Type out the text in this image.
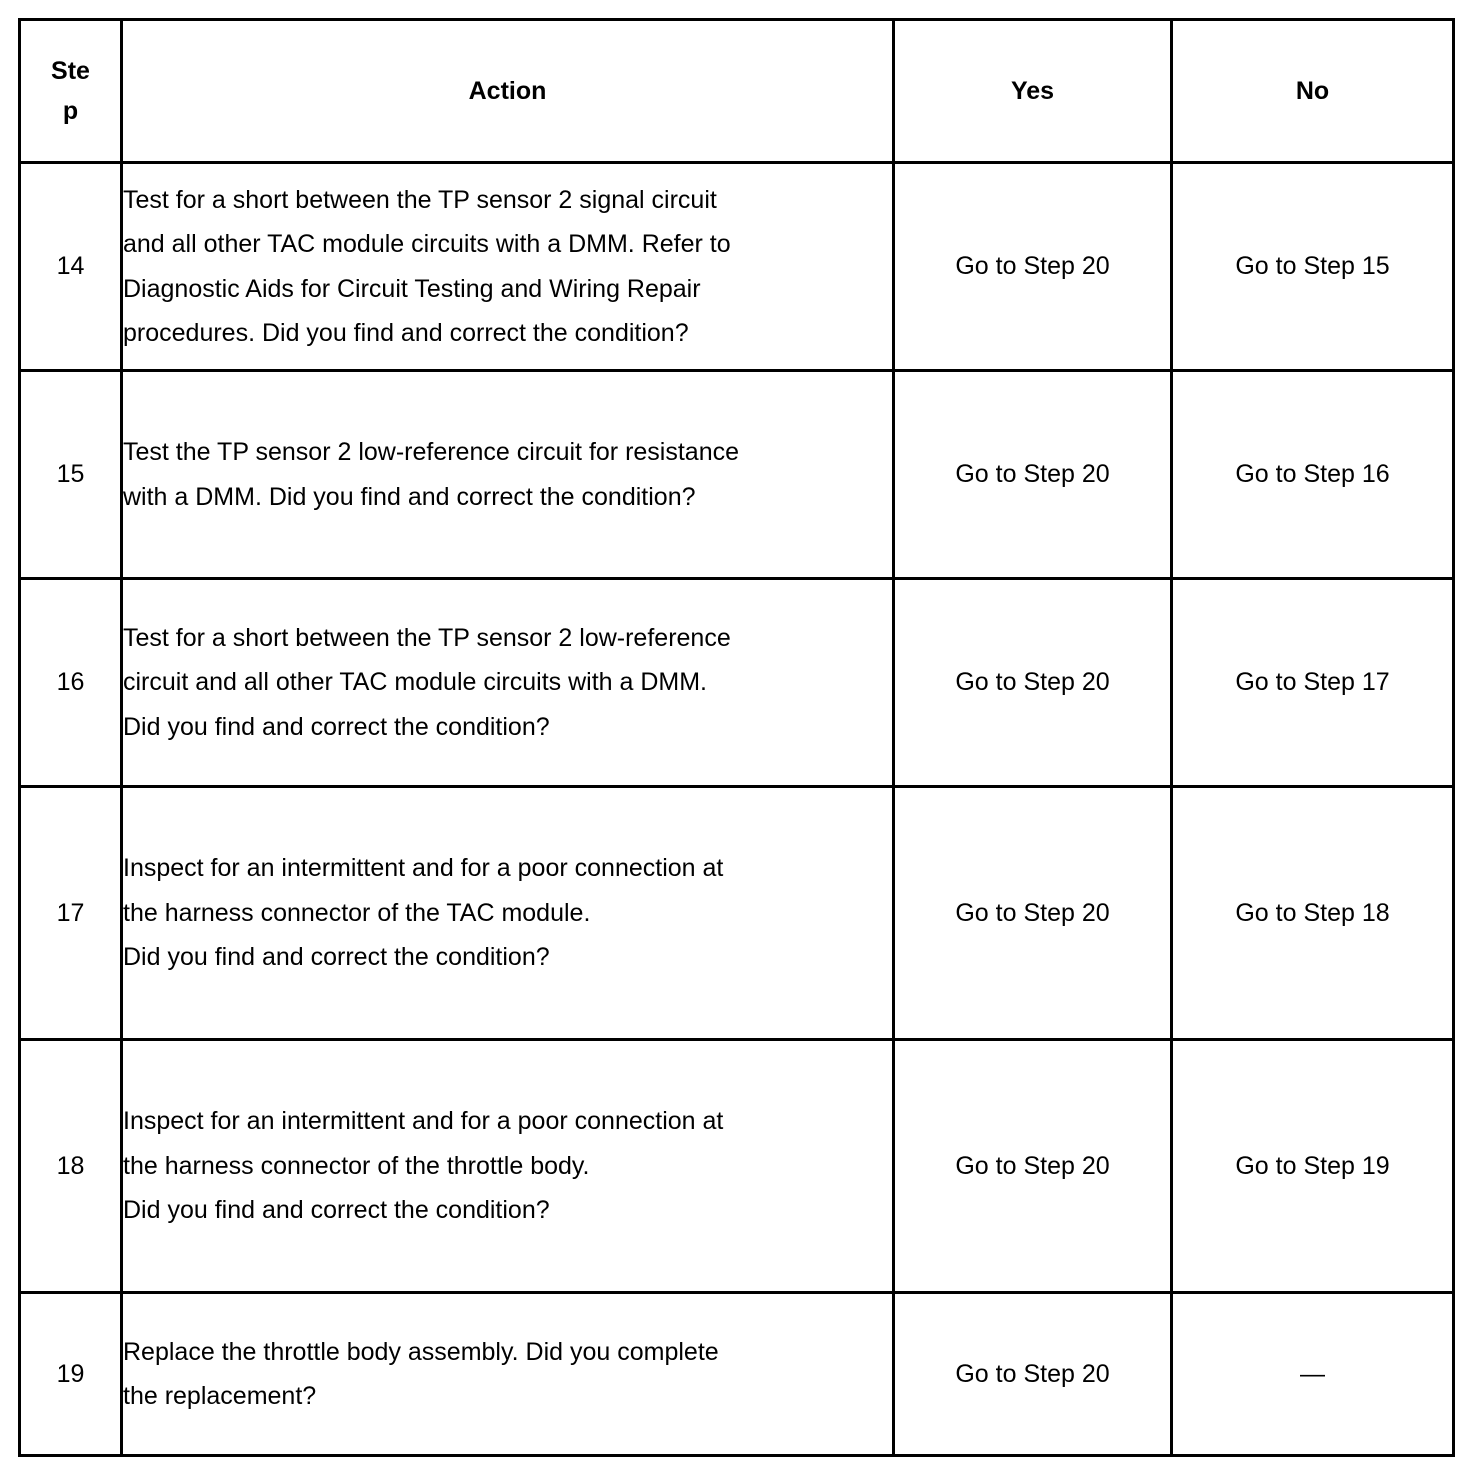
Step	Action	Yes	No
14	Test for a short between the TP sensor 2 signal circuit
and all other TAC module circuits with a DMM. Refer to
Diagnostic Aids for Circuit Testing and Wiring Repair
procedures. Did you find and correct the condition?	Go to Step 20	Go to Step 15
15	Test the TP sensor 2 low-reference circuit for resistance
with a DMM. Did you find and correct the condition?	Go to Step 20	Go to Step 16
16	Test for a short between the TP sensor 2 low-reference
circuit and all other TAC module circuits with a DMM.
Did you find and correct the condition?	Go to Step 20	Go to Step 17
17	Inspect for an intermittent and for a poor connection at
the harness connector of the TAC module.
Did you find and correct the condition?	Go to Step 20	Go to Step 18
18	Inspect for an intermittent and for a poor connection at
the harness connector of the throttle body.
Did you find and correct the condition?	Go to Step 20	Go to Step 19
19	Replace the throttle body assembly. Did you complete
the replacement?	Go to Step 20	—
